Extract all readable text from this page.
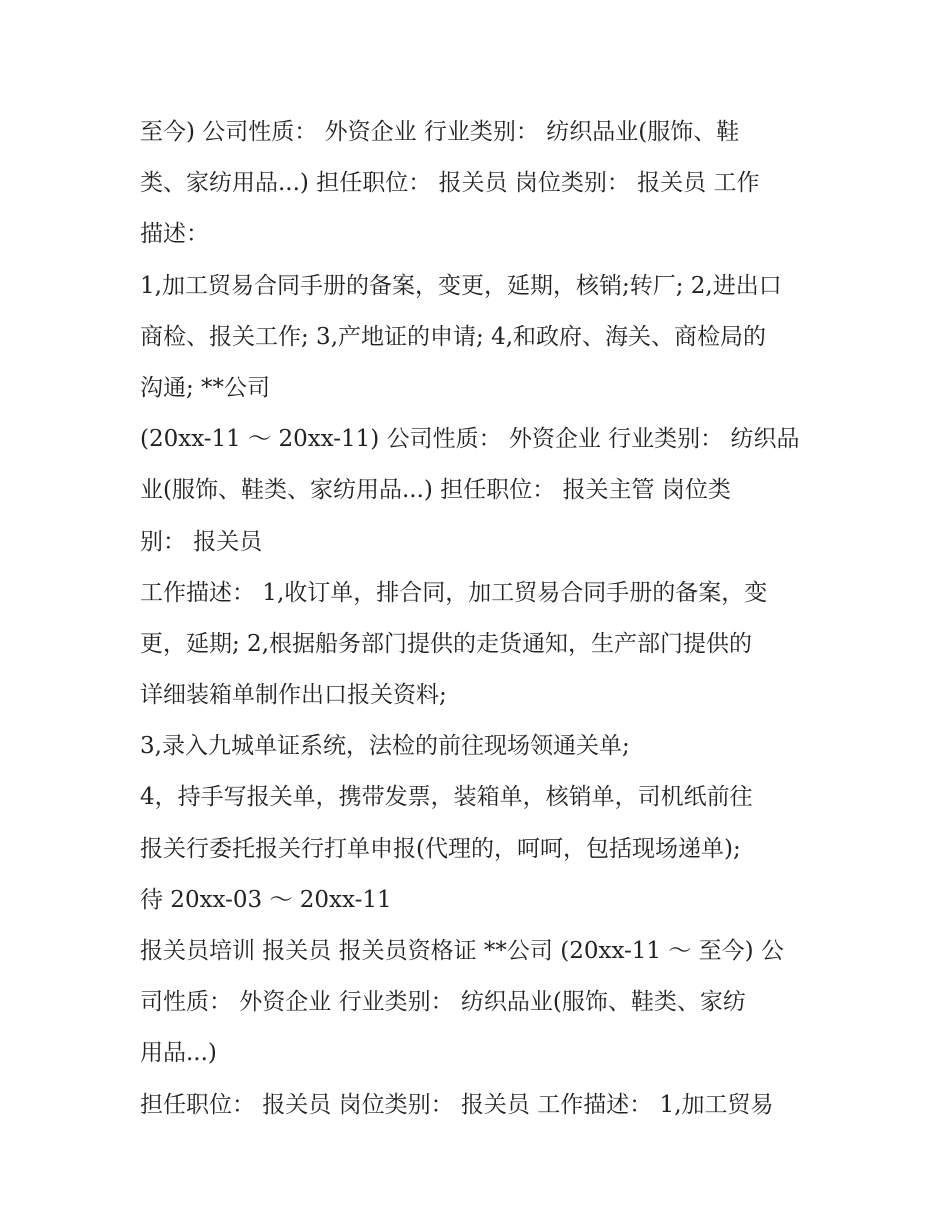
至今) 公司性质： 外资企业 行业类别： 纺织品业(服饰、鞋
类、家纺用品...) 担任职位： 报关员 岗位类别： 报关员 工作
描述：
1,加工贸易合同手册的备案，变更，延期，核销;转厂; 2,进出口
商检、报关工作; 3,产地证的申请; 4,和政府、海关、商检局的
沟通; **公司
(20xx-11 ～ 20xx-11) 公司性质： 外资企业 行业类别： 纺织品
业(服饰、鞋类、家纺用品...) 担任职位： 报关主管 岗位类
别： 报关员
工作描述： 1,收订单，排合同，加工贸易合同手册的备案，变
更，延期; 2,根据船务部门提供的走货通知，生产部门提供的
详细装箱单制作出口报关资料;
3,录入九城单证系统，法检的前往现场领通关单;
4，持手写报关单，携带发票，装箱单，核销单，司机纸前往
报关行委托报关行打单申报(代理的，呵呵，包括现场递单);
待 20xx-03 ～ 20xx-11
报关员培训 报关员 报关员资格证 **公司 (20xx-11 ～ 至今) 公
司性质： 外资企业 行业类别： 纺织品业(服饰、鞋类、家纺
用品...)
担任职位： 报关员 岗位类别： 报关员 工作描述： 1,加工贸易
